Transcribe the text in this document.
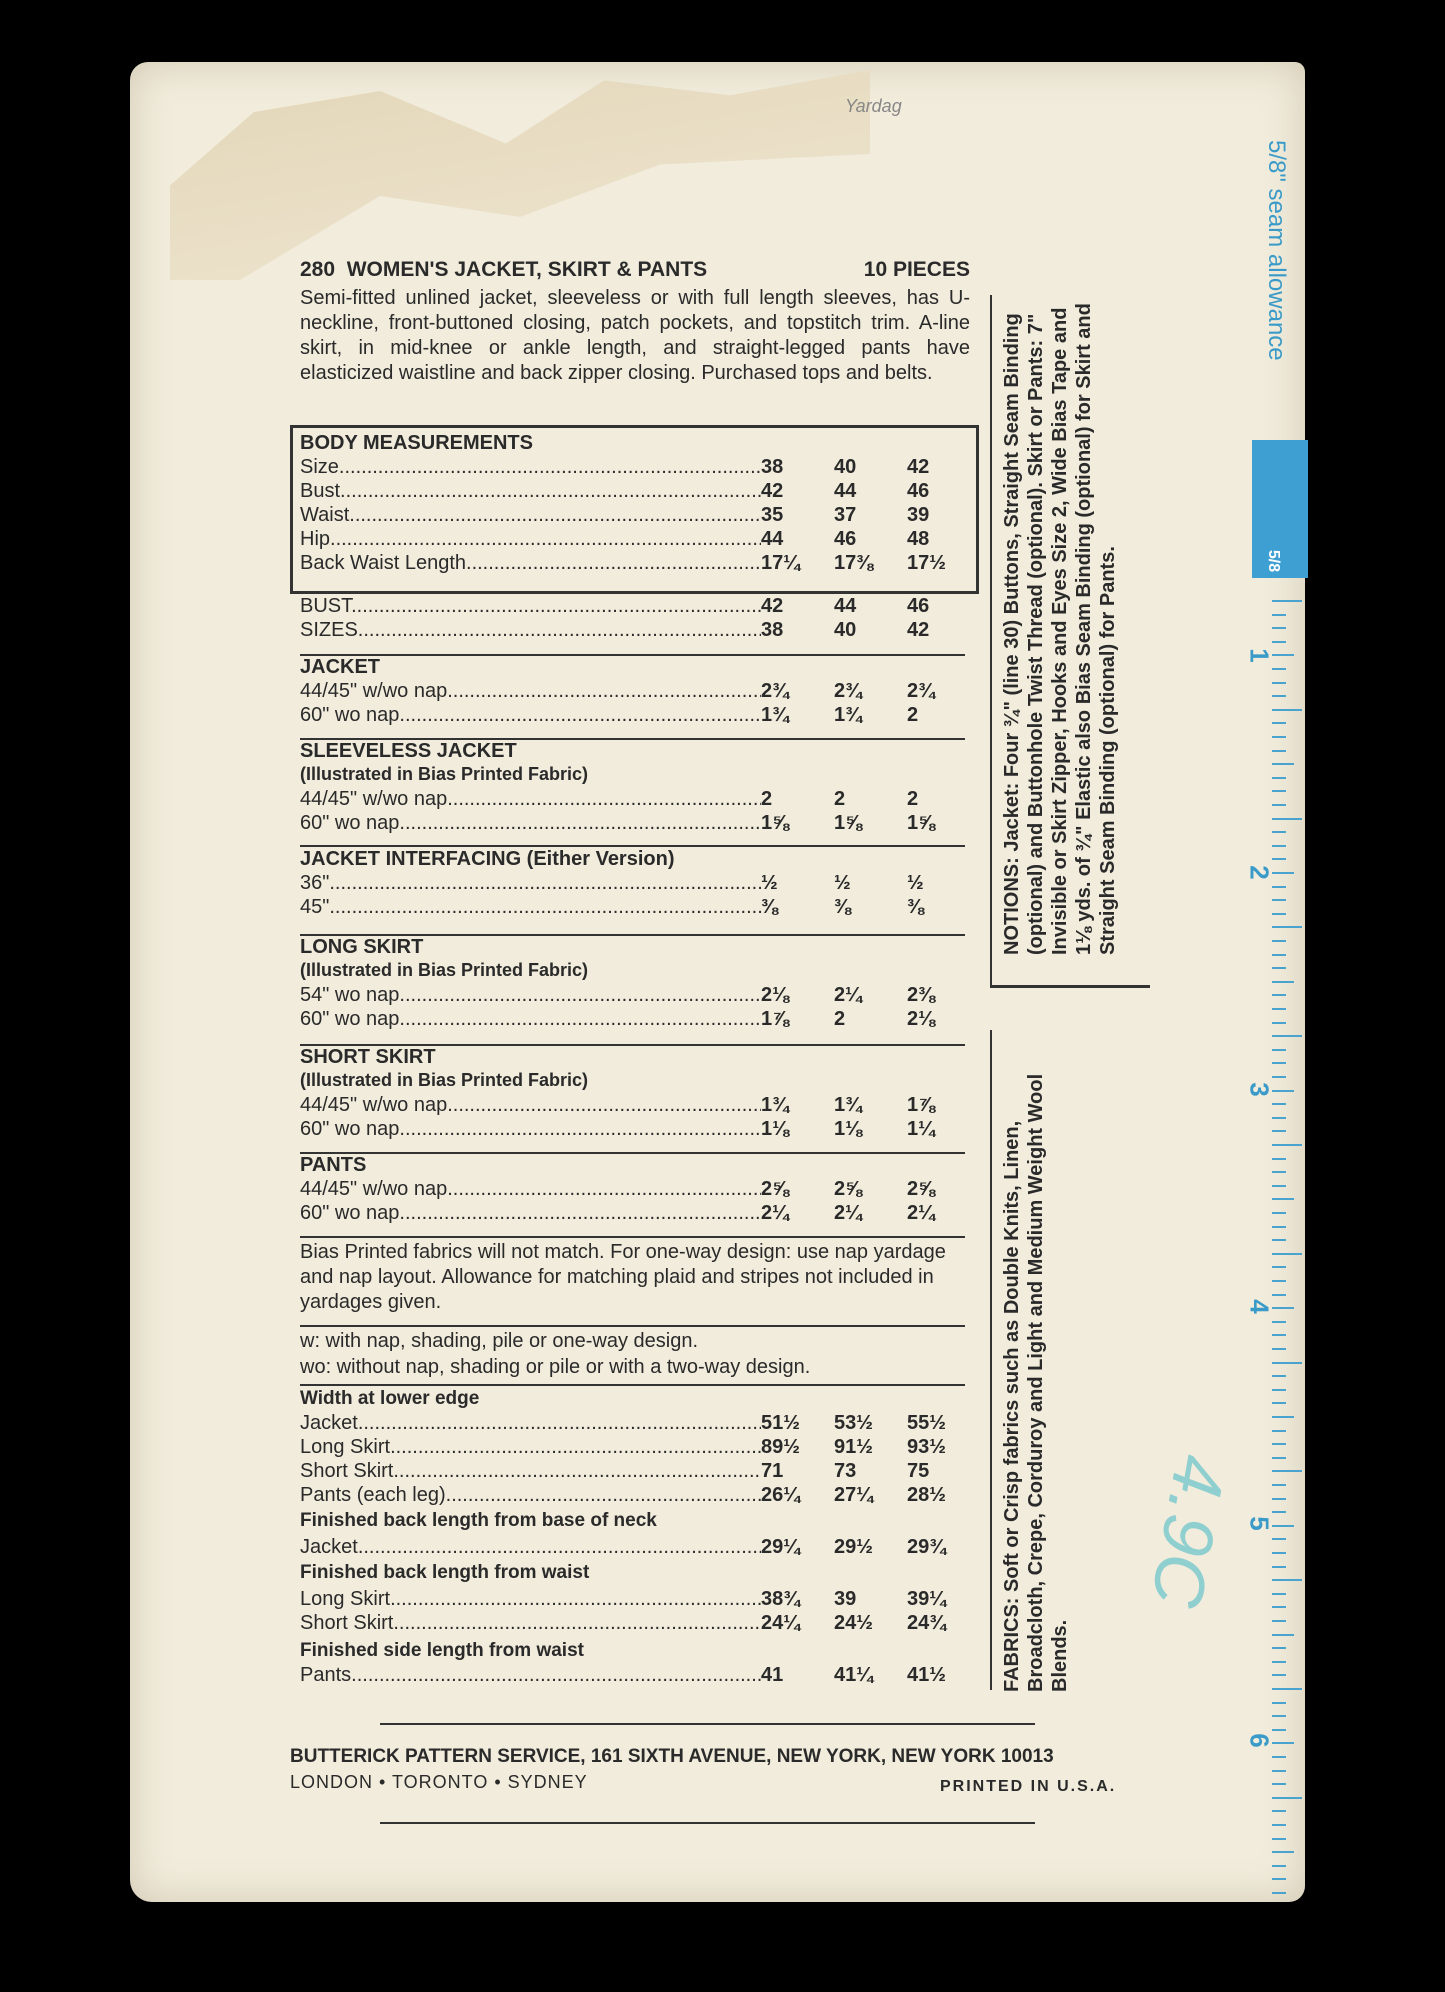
Yardag
280 WOMEN'S JACKET, SKIRT & PANTS	10 PIECES
Semi-fitted unlined jacket, sleeveless or with full length sleeves, has U-neckline, front-buttoned closing, patch pockets, and topstitch trim. A-line skirt, in mid-knee or ankle length, and straight-legged pants have elasticized waistline and back zipper closing. Purchased tops and belts.
BODY MEASUREMENTS
Size .....	38	40	42
Bust .....	42	44	46
Waist .....	35	37	39
Hip .....	44	46	48
Back Waist Length .....	17¼	17⅜	17½
BUST .....	42	44	46
SIZES .....	38	40	42
JACKET
44/45" w/wo nap .....	2¾	2¾	2¾
60" wo nap .....	1¾	1¾	2
SLEEVELESS JACKET
(Illustrated in Bias Printed Fabric)
44/45" w/wo nap .....	2	2	2
60" wo nap .....	1⅝	1⅝	1⅝
JACKET INTERFACING (Either Version)
36" .....	½	½	½
45" .....	⅜	⅜	⅜
LONG SKIRT
(Illustrated in Bias Printed Fabric)
54" wo nap .....	2⅛	2¼	2⅜
60" wo nap .....	1⅞	2	2⅛
SHORT SKIRT
(Illustrated in Bias Printed Fabric)
44/45" w/wo nap .....	1¾	1¾	1⅞
60" wo nap .....	1⅛	1⅛	1¼
PANTS
44/45" w/wo nap .....	2⅝	2⅝	2⅝
60" wo nap .....	2¼	2¼	2¼
Bias Printed fabrics will not match. For one-way design: use nap yardage and nap layout. Allowance for matching plaid and stripes not included in yardages given.
w: with nap, shading, pile or one-way design.
wo: without nap, shading or pile or with a two-way design.
Width at lower edge
Jacket .....	51½	53½	55½
Long Skirt .....	89½	91½	93½
Short Skirt .....	71	73	75
Pants (each leg) .....	26¼	27¼	28½
Finished back length from base of neck
Jacket .....	29¼	29½	29¾
Finished back length from waist
Long Skirt .....	38¾	39	39¼
Short Skirt .....	24¼	24½	24¾
Finished side length from waist
Pants .....	41	41¼	41½
NOTIONS: Jacket: Four ¾" (line 30) Buttons, Straight Seam Binding (optional) and Buttonhole Twist Thread (optional). Skirt or Pants: 7" Invisible or Skirt Zipper, Hooks and Eyes Size 2, Wide Bias Tape and 1⅛ yds. of ¾" Elastic also Bias Seam Binding (optional) for Skirt and Straight Seam Binding (optional) for Pants.
FABRICS: Soft or Crisp fabrics such as Double Knits, Linen, Broadcloth, Crepe, Corduroy and Light and Medium Weight Wool Blends.
BUTTERICK PATTERN SERVICE, 161 SIXTH AVENUE, NEW YORK, NEW YORK 10013
LONDON • TORONTO • SYDNEY	PRINTED IN U.S.A.
5/8" seam allowance
5/8
1
2
3
4
5
6
4.9C
